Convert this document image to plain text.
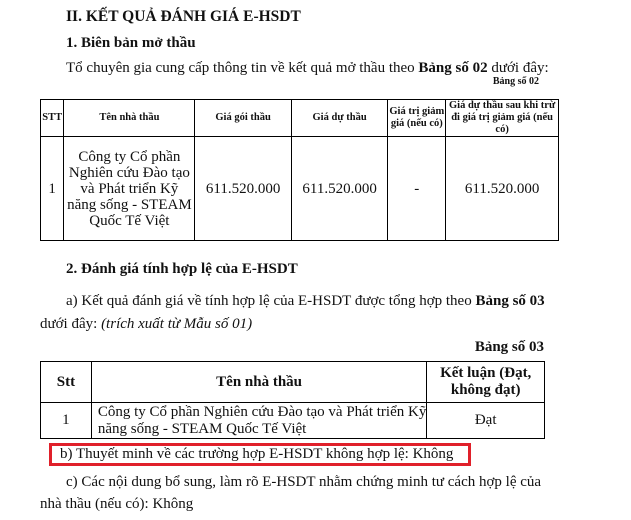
II. KẾT QUẢ ĐÁNH GIÁ E-HSDT
1. Biên bản mở thầu
Tổ chuyên gia cung cấp thông tin về kết quả mở thầu theo Bảng số 02 dưới đây:
Bảng số 02
STT	Tên nhà thầu	Giá gói thầu	Giá dự thầu	Giá trị giảm giá (nếu có)	Giá dự thầu sau khi trừ đi giá trị giảm giá (nếu có)
1	Công ty Cổ phần Nghiên cứu Đào tạo và Phát triển Kỹ năng sống - STEAM Quốc Tế Việt	611.520.000	611.520.000	-	611.520.000
2. Đánh giá tính hợp lệ của E-HSDT
a) Kết quả đánh giá về tính hợp lệ của E-HSDT được tổng hợp theo Bảng số 03
dưới đây: (trích xuất từ Mẫu số 01)
Bảng số 03
Stt	Tên nhà thầu	Kết luận (Đạt, không đạt)
1	Công ty Cổ phần Nghiên cứu Đào tạo và Phát triển Kỹ năng sống - STEAM Quốc Tế Việt	Đạt
b) Thuyết minh về các trường hợp E-HSDT không hợp lệ: Không
c) Các nội dung bổ sung, làm rõ E-HSDT nhằm chứng minh tư cách hợp lệ của
nhà thầu (nếu có): Không
